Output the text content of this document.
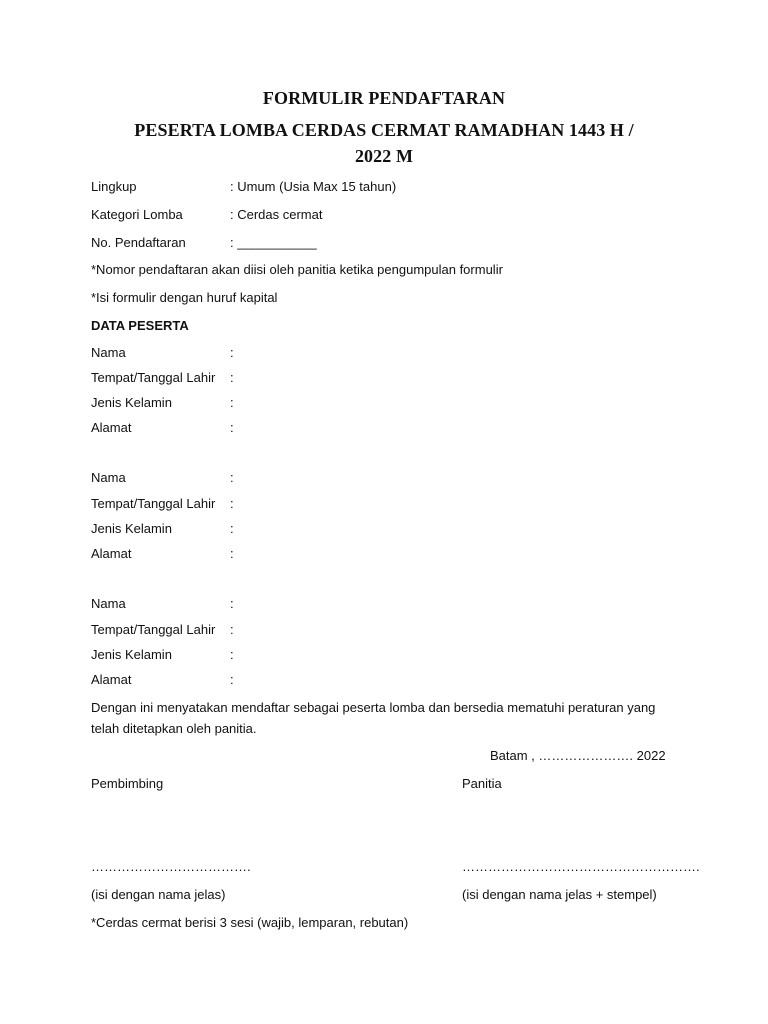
FORMULIR PENDAFTARAN
PESERTA LOMBA CERDAS CERMAT RAMADHAN 1443 H /
2022 M
Lingkup	: Umum (Usia Max 15 tahun)
Kategori Lomba	: Cerdas cermat
No. Pendaftaran	: ___________
*Nomor pendaftaran akan diisi oleh panitia ketika pengumpulan formulir
*Isi formulir dengan huruf kapital
DATA PESERTA
Nama	:
Tempat/Tanggal Lahir :
Jenis Kelamin	:
Alamat	:
Nama	:
Tempat/Tanggal Lahir :
Jenis Kelamin	:
Alamat	:
Nama	:
Tempat/Tanggal Lahir :
Jenis Kelamin	:
Alamat	:
Dengan ini menyatakan mendaftar sebagai peserta lomba dan bersedia mematuhi peraturan yang telah ditetapkan oleh panitia.
Batam , …………………. 2022
Pembimbing	Panitia
……………………………….	……………………………………………….
(isi dengan nama jelas)	(isi dengan nama jelas + stempel)
*Cerdas cermat berisi 3 sesi (wajib, lemparan, rebutan)
